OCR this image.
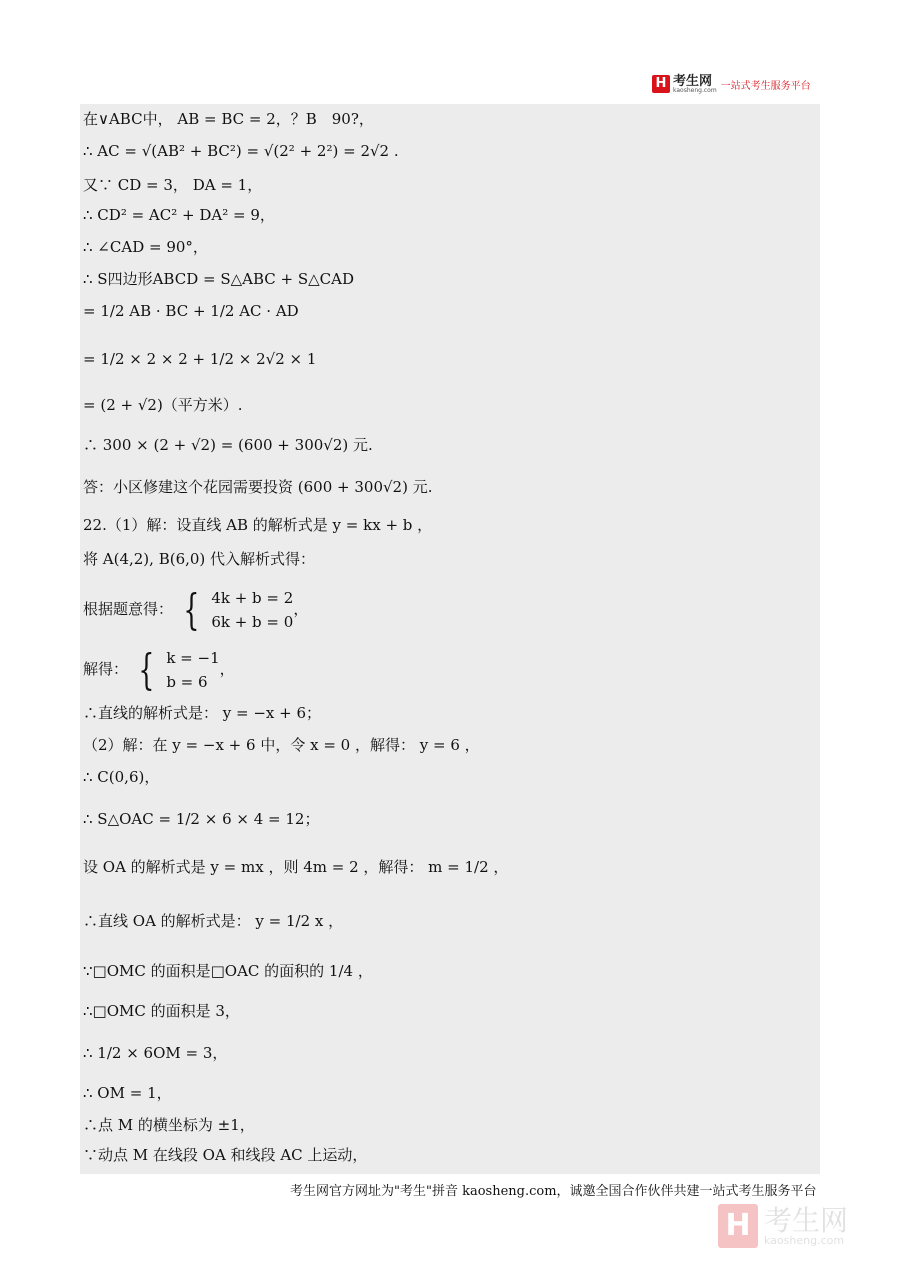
H 考生网
kaosheng.com 一站式考生服务平台
在∨ABC中， AB = BC = 2，？B　90?，
∴ AC = √(AB² + BC²) = √(2² + 2²) = 2√2 .
又∵ CD = 3， DA = 1，
∴ CD² = AC² + DA² = 9，
∴ ∠CAD = 90°，
∴ S四边形ABCD = S△ABC + S△CAD
= 1/2 AB · BC + 1/2 AC · AD
= 1/2 × 2 × 2 + 1/2 × 2√2 × 1
= (2 + √2)（平方米）.
∴ 300 × (2 + √2) = (600 + 300√2) 元.
答：小区修建这个花园需要投资 (600 + 300√2) 元.
22.（1）解：设直线 AB 的解析式是 y = kx + b ，
将 A(4,2), B(6,0) 代入解析式得：
根据题意得： { 4k + b = 2
6k + b = 0
，
解得： { k = −1
b = 6
，
∴直线的解析式是： y = −x + 6；
（2）解：在 y = −x + 6 中，令 x = 0 ，解得： y = 6 ，
∴ C(0,6)，
∴ S△OAC = 1/2 × 6 × 4 = 12；
设 OA 的解析式是 y = mx ，则 4m = 2 ，解得： m = 1/2 ，
∴直线 OA 的解析式是： y = 1/2 x ，
∵□OMC 的面积是□OAC 的面积的 1/4 ，
∴□OMC 的面积是 3，
∴ 1/2 × 6OM = 3，
∴ OM = 1，
∴点 M 的横坐标为 ±1，
∵动点 M 在线段 OA 和线段 AC 上运动，
考生网官方网址为"考生"拼音 kaosheng.com，诚邀全国合作伙伴共建一站式考生服务平台
H 考生网
kaosheng.com
